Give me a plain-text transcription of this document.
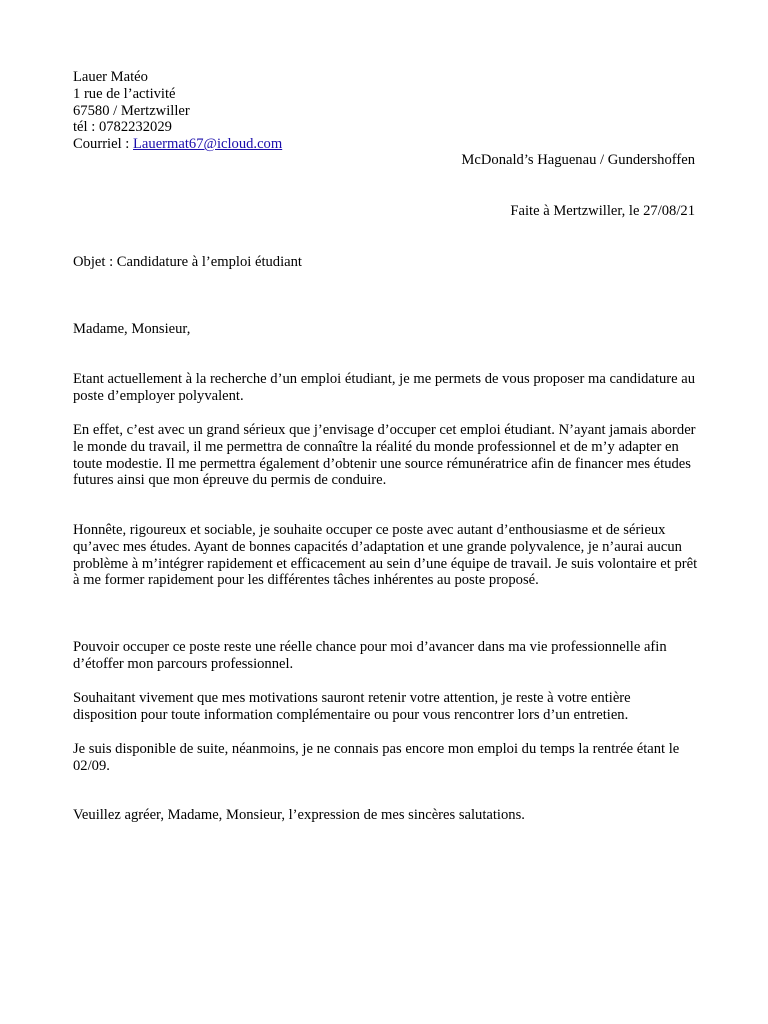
Lauer Matéo
1 rue de l’activité
67580 / Mertzwiller
tél : 0782232029
Courriel : Lauermat67@icloud.com
McDonald’s Haguenau / Gundershoffen
Faite à Mertzwiller, le 27/08/21
Objet : Candidature à l’emploi étudiant
Madame, Monsieur,

Etant actuellement à la recherche d’un emploi étudiant, je me permets de vous proposer ma candidature au poste d’employer polyvalent.

En effet, c’est avec un grand sérieux que j’envisage d’occuper cet emploi étudiant. N’ayant jamais aborder le monde du travail, il me permettra de connaître la réalité du monde professionnel et de m’y adapter en toute modestie. Il me permettra également d’obtenir une source rémunératrice afin de financer mes études futures ainsi que mon épreuve du permis de conduire.

Honnête, rigoureux et sociable, je souhaite occuper ce poste avec autant d’enthousiasme et de sérieux qu’avec mes études. Ayant de bonnes capacités d’adaptation et une grande polyvalence, je n’aurai aucun problème à m’intégrer rapidement et efficacement au sein d’une équipe de travail. Je suis volontaire et prêt à me former rapidement pour les différentes tâches inhérentes au poste proposé.

Pouvoir occuper ce poste reste une réelle chance pour moi d’avancer dans ma vie professionnelle afin d’étoffer mon parcours professionnel.

Souhaitant vivement que mes motivations sauront retenir votre attention, je reste à votre entière disposition pour toute information complémentaire ou pour vous rencontrer lors d’un entretien.

Je suis disponible de suite, néanmoins, je ne connais pas encore mon emploi du temps la rentrée étant le 02/09.

Veuillez agréer, Madame, Monsieur, l’expression de mes sincères salutations.
